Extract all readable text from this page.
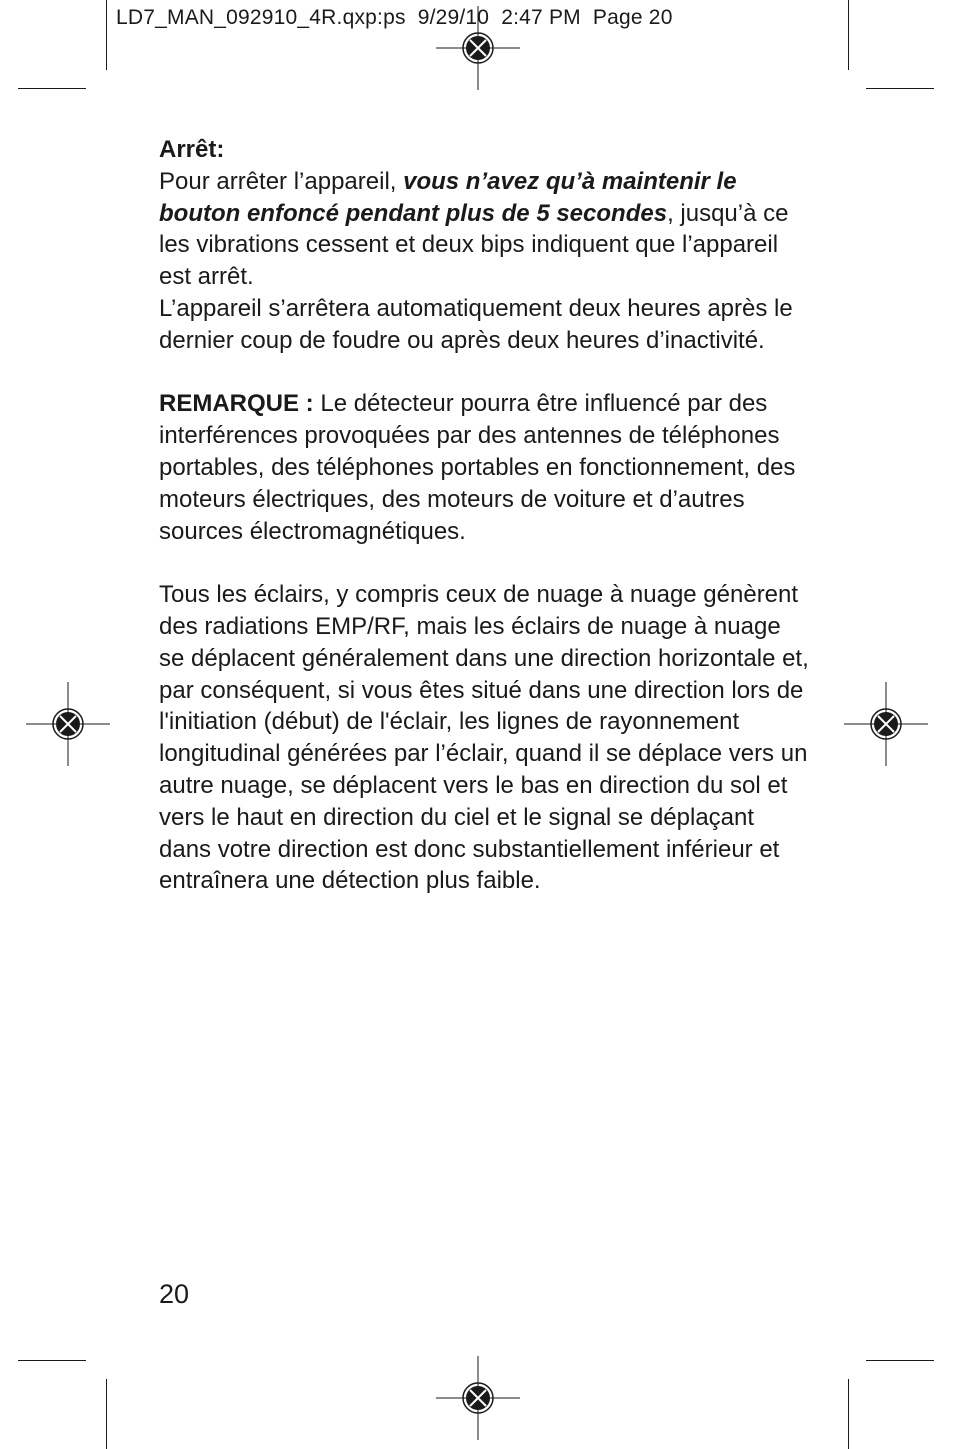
LD7_MAN_092910_4R.qxp:ps  9/29/10  2:47 PM  Page 20
Arrêt:

Pour arrêter l’appareil, vous n’avez qu’à maintenir le bouton enfoncé pendant plus de 5 secondes, jusqu’à ce les vibrations cessent et deux bips indiquent que l’appareil est arrêt.

L’appareil s’arrêtera automatiquement deux heures après le dernier coup de foudre ou après deux heures d’inactivité.

REMARQUE : Le détecteur pourra être influencé par des interférences provoquées par des antennes de téléphones portables, des téléphones portables en fonctionnement, des moteurs électriques, des moteurs de voiture et d’autres sources électromagnétiques.

Tous les éclairs, y compris ceux de nuage à nuage génèrent des radiations EMP/RF, mais les éclairs de nuage à nuage se déplacent généralement dans une direction horizontale et, par conséquent, si vous êtes situé dans une direction lors de l'initiation (début) de l'éclair, les lignes de rayonnement longitudinal générées par l’éclair, quand il se déplace vers un autre nuage, se déplacent vers le bas en direction du sol et vers le haut en direction du ciel et le signal se déplaçant dans votre direction est donc substantiellement inférieur et entraînera une détection plus faible.

20
